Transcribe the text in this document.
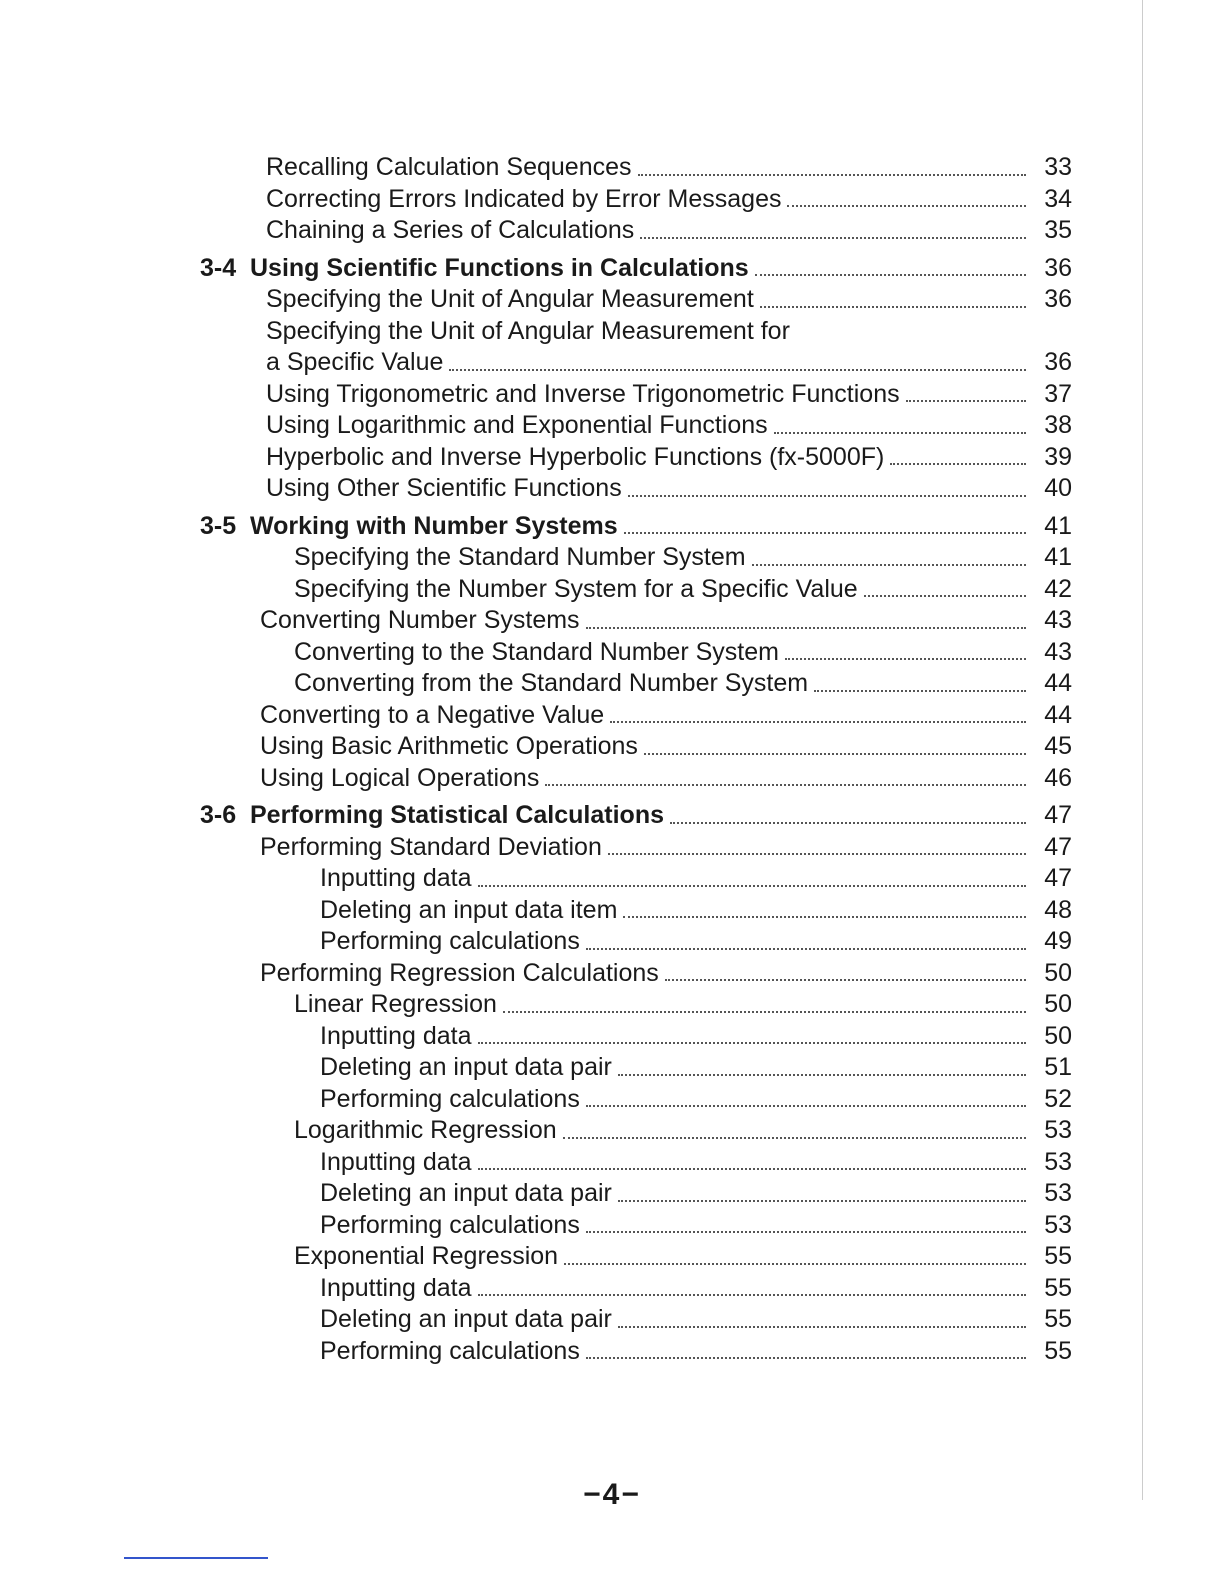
Recalling Calculation Sequences	33
Correcting Errors Indicated by Error Messages	34
Chaining a Series of Calculations	35
3-4 Using Scientific Functions in Calculations	36
Specifying the Unit of Angular Measurement	36
Specifying the Unit of Angular Measurement for
a Specific Value	36
Using Trigonometric and Inverse Trigonometric Functions	37
Using Logarithmic and Exponential Functions	38
Hyperbolic and Inverse Hyperbolic Functions (fx-5000F)	39
Using Other Scientific Functions	40
3-5 Working with Number Systems	41
Specifying the Standard Number System	41
Specifying the Number System for a Specific Value	42
Converting Number Systems	43
Converting to the Standard Number System	43
Converting from the Standard Number System	44
Converting to a Negative Value	44
Using Basic Arithmetic Operations	45
Using Logical Operations	46
3-6 Performing Statistical Calculations	47
Performing Standard Deviation	47
Inputting data	47
Deleting an input data item	48
Performing calculations	49
Performing Regression Calculations	50
Linear Regression	50
Inputting data	50
Deleting an input data pair	51
Performing calculations	52
Logarithmic Regression	53
Inputting data	53
Deleting an input data pair	53
Performing calculations	53
Exponential Regression	55
Inputting data	55
Deleting an input data pair	55
Performing calculations	55
−4−
